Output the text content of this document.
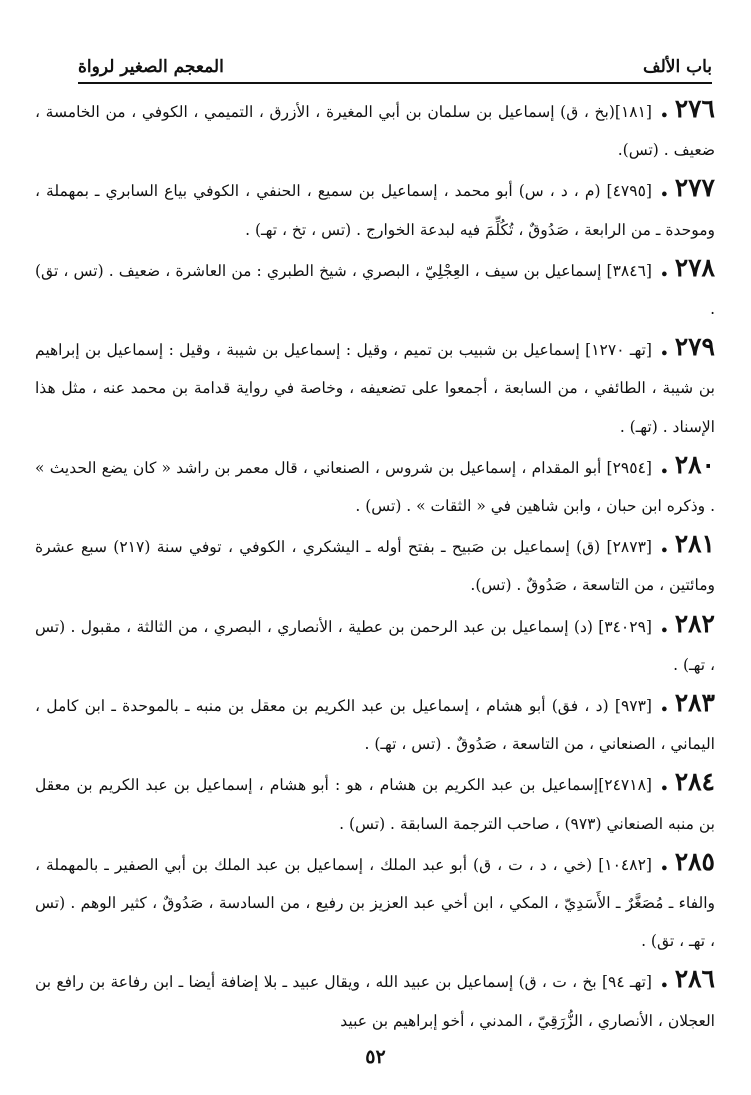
باب الألف
المعجم الصغير لرواة

٢٧٦.[١٨١](بخ ، ق) إسماعيل بن سلمان بن أبي المغيرة ، الأزرق ، التميمي ، الكوفي ، من الخامسة ، ضعيف . (تس).

٢٧٧.[٤٧٩٥] (م ، د ، س) أبو محمد ، إسماعيل بن سميع ، الحنفي ، الكوفي بياع السابري ـ بمهملة ، وموحدة ـ من الرابعة ، صَدُوقٌ ، تُكُلِّمَ فيه لبدعة الخوارج . (تس ، تخ ، تهـ) .

٢٧٨.[٣٨٤٦] إسماعيل بن سيف ، العِجْلِيّ ، البصري ، شيخ الطبري : من العاشرة ، ضعيف . (تس ، تق) .

٢٧٩.[تهـ ١٢٧٠] إسماعيل بن شبيب بن تميم ، وقيل : إسماعيل بن شيبة ، وقيل : إسماعيل بن إبراهيم بن شيبة ، الطائفي ، من السابعة ، أجمعوا على تضعيفه ، وخاصة في رواية قدامة بن محمد عنه ، مثل هذا الإسناد . (تهـ) .

٢٨٠.[٢٩٥٤] أبو المقدام ، إسماعيل بن شروس ، الصنعاني ، قال معمر بن راشد « كان يضع الحديث » . وذكره ابن حبان ، وابن شاهين في « الثقات » . (تس) .

٢٨١.[٢٨٧٣] (ق) إسماعيل بن صَبيح ـ بفتح أوله ـ اليشكري ، الكوفي ، توفي سنة (٢١٧) سبع عشرة ومائتين ، من التاسعة ، صَدُوقٌ . (تس).

٢٨٢.[٣٤٠٢٩] (د) إسماعيل بن عبد الرحمن بن عطية ، الأنصاري ، البصري ، من الثالثة ، مقبول . (تس ، تهـ) .

٢٨٣.[٩٧٣] (د ، فق) أبو هشام ، إسماعيل بن عبد الكريم بن معقل بن منبه ـ بالموحدة ـ ابن كامل ، اليماني ، الصنعاني ، من التاسعة ، صَدُوقٌ . (تس ، تهـ) .

٢٨٤.[٢٤٧١٨]إسماعيل بن عبد الكريم بن هشام ، هو : أبو هشام ، إسماعيل بن عبد الكريم بن معقل بن منبه الصنعاني (٩٧٣) ، صاحب الترجمة السابقة . (تس) .

٢٨٥.[١٠٤٨٢] (خي ، د ، ت ، ق) أبو عبد الملك ، إسماعيل بن عبد الملك بن أبي الصفير ـ بالمهملة ، والفاء ـ مُصَغَّرٌ ـ الأَسَدِيّ ، المكي ، ابن أخي عبد العزيز بن رفيع ، من السادسة ، صَدُوقٌ ، كثير الوهم . (تس ، تهـ ، تق) .

٢٨٦.[تهـ ٩٤] بخ ، ت ، ق) إسماعيل بن عبيد الله ، ويقال عبيد ـ بلا إضافة أيضا ـ ابن رفاعة بن رافع بن العجلان ، الأنصاري ، الزُّرَقِيّ ، المدني ، أخو إبراهيم بن عبيد

٥٢
